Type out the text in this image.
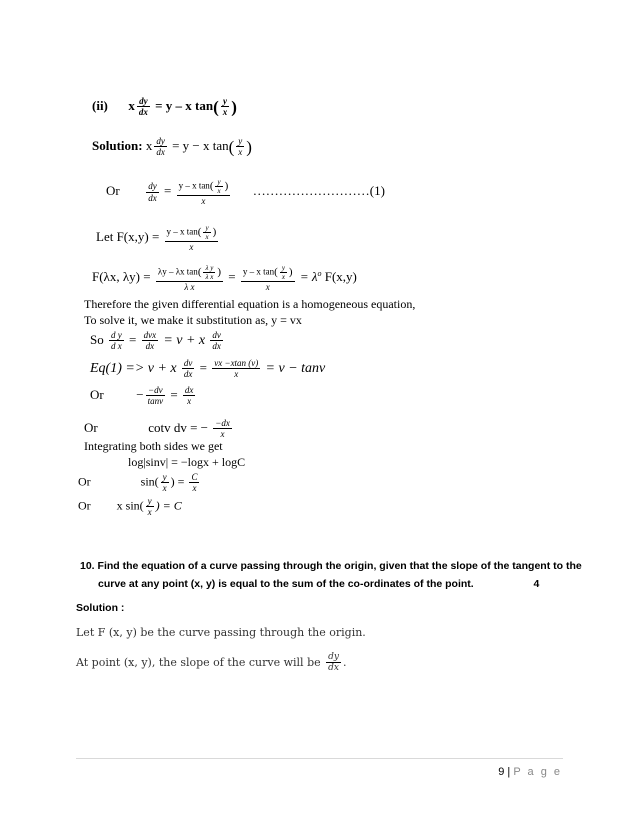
(ii) x $\frac{dy}{dx} = y - x$ $\tan( \frac{y}{x}$ )
Solution: x $\frac{dy}{dx} = y - x$ $\tan( \frac{y}{x}$ )
Or	$\frac{dy}{dx} = \frac{y - x \tan( \frac{y}{x} )}{x}$ ………………………(1)
Let $F(x,y) = \frac{y - x \tan( \frac{y}{x} )}{x}$
F(λx, $\lambda y) = \frac{\lambda y - \lambda x \tan( \frac{\text{λ y}}{\text{λ x}} )}{\text{λ x}} = \frac{y - x \tan( \frac{y}{x} )}{x} = \lambda^o$ F(x,y)
Therefore the given differential equation is a homogeneous equation,
To solve it, we make it substitution as, y = vx
So $\frac{\text{d y}}{\text{d x}} = \frac{\text{dvx}}{dx} = v + x \frac{dv}{dx}$
Eq(1) => v + x $\frac{dv}{dx} = \frac{vx -xtan (v)}{x} = v - \tan v$
Or	− $\frac{-dv}{\tan v} = \frac{dx}{x}$
Or	cotv dv = − $\frac{-dx}{x}$
Integrating both sides we get
log|sinv| = −logx + logC
Or	$\sin( \frac{y}{x}$ ) = $\frac{C}{x}$
Or x $\sin( \frac{y}{x}$ ) = C
10. Find the equation of a curve passing through the origin, given that the slope of the tangent to the
curve at any point (x, y) is equal to the sum of the co-ordinates of the point.	4
Solution :
Let F (x, y) be the curve passing through the origin.
At point (x, y), the slope of the curve will be $\frac{dy}{dx}$ .
9 | P a g e
